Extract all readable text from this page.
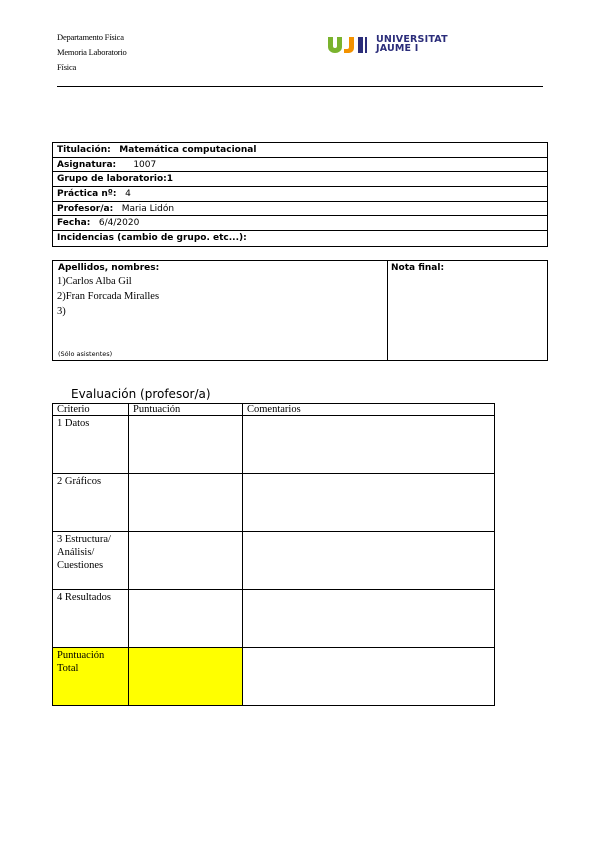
Departamento Física
Memoria Laboratorio
Física
UNIVERSITAT
JAUME I
Titulación: Matemática computacional
Asignatura: 1007
Grupo de laboratorio:1
Práctica nº: 4
Profesor/a: Maria Lidón
Fecha: 6/4/2020
Incidencias (cambio de grupo. etc...):
Apellidos, nombres:
1)Carlos Alba Gil
2)Fran Forcada Miralles
3)
(Sólo asistentes)
Nota final:
Evaluación (profesor/a)
Criterio	Puntuación	Comentarios
1 Datos		
2 Gráficos		
3 Estructura/ Análisis/ Cuestiones		
4 Resultados		
Puntuación Total		
